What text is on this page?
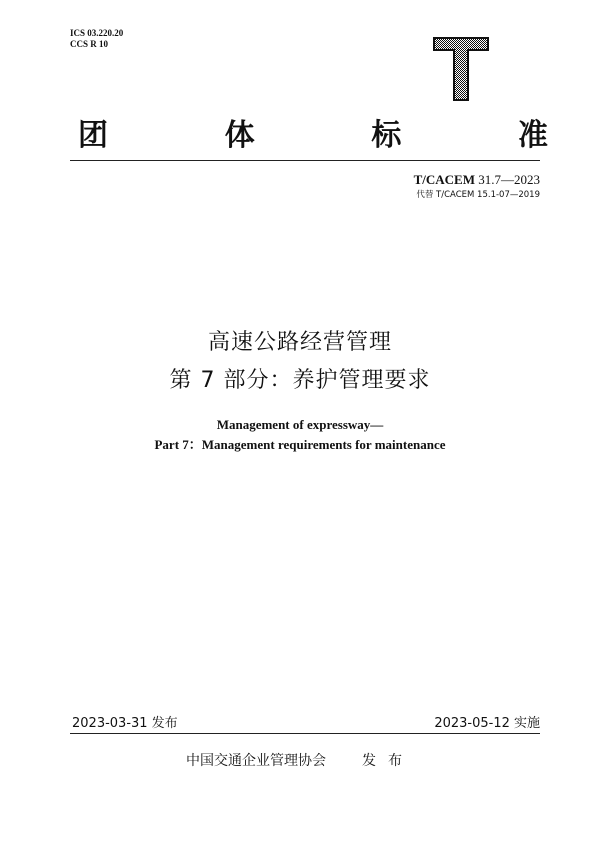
ICS 03.220.20
CCS R 10
团	体	标	准
T/CACEM 31.7—2023
代替 T/CACEM 15.1-07—2019
高速公路经营管理
第 7 部分：养护管理要求
Management of expressway—
Part 7：Management requirements for maintenance
2023-03-31 发布	2023-05-12 实施
中国交通企业管理协会	发布
